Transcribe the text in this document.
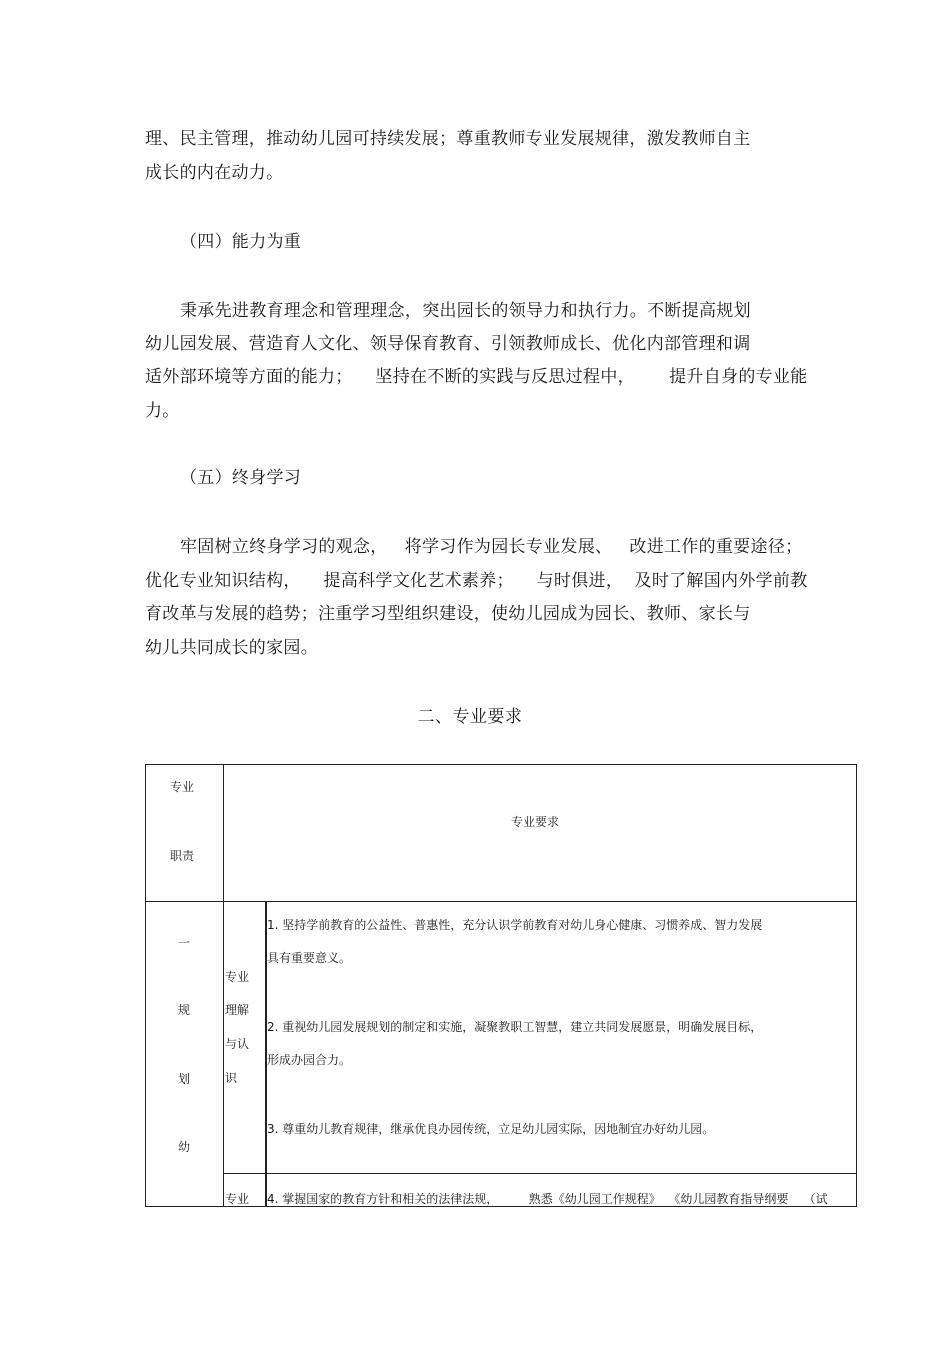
理、民主管理，推动幼儿园可持续发展；尊重教师专业发展规律，激发教师自主
成长的内在动力。
（四）能力为重
秉承先进教育理念和管理理念，突出园长的领导力和执行力。不断提高规划
幼儿园发展、营造育人文化、领导保育教育、引领教师成长、优化内部管理和调
适外部环境等方面的能力；    坚持在不断的实践与反思过程中，      提升自身的专业能
力。
（五）终身学习
牢固树立终身学习的观念，   将学习作为园长专业发展、   改进工作的重要途径；
优化专业知识结构，    提高科学文化艺术素养；    与时俱进，  及时了解国内外学前教
育改革与发展的趋势；注重学习型组织建设，使幼儿园成为园长、教师、家长与
幼儿共同成长的家园。
二、专业要求
专业
职责
专业要求
一
规
划
幼
专业
理解
与认
识
1. 坚持学前教育的公益性、普惠性，充分认识学前教育对幼儿身心健康、习惯养成、智力发展
具有重要意义。
2. 重视幼儿园发展规划的制定和实施，凝聚教职工智慧，建立共同发展愿景，明确发展目标，
形成办园合力。
3. 尊重幼儿教育规律，继承优良办园传统，立足幼儿园实际，因地制宜办好幼儿园。
专业 4. 掌握国家的教育方针和相关的法律法规，        熟悉《幼儿园工作规程》  《幼儿园教育指导纲要    （试
